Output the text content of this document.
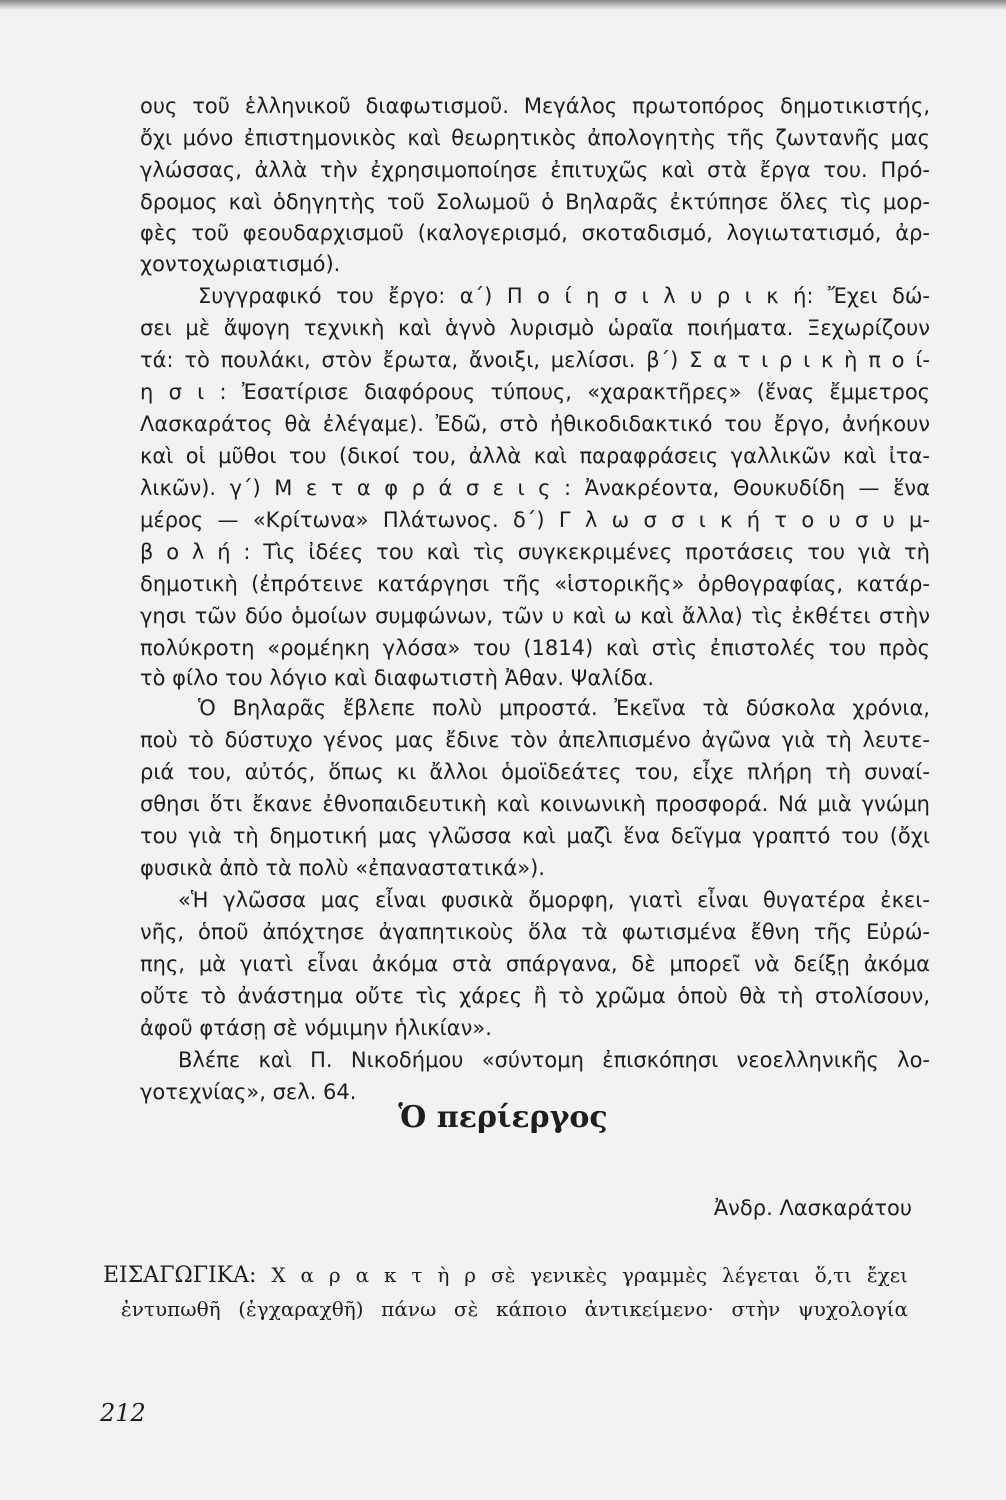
ους τοῦ ἑλληνικοῦ διαφωτισμοῦ. Μεγάλος πρωτοπόρος δημοτικιστής,
ὄχι μόνο ἐπιστημονικὸς καὶ θεωρητικὸς ἀπολογητὴς τῆς ζωντανῆς μας
γλώσσας, ἀλλὰ τὴν ἐχρησιμοποίησε ἐπιτυχῶς καὶ στὰ ἔργα του. Πρό-
δρομος καὶ ὁδηγητὴς τοῦ Σολωμοῦ ὁ Βηλαρᾶς ἐκτύπησε ὅλες τὶς μορ-
φὲς τοῦ φεουδαρχισμοῦ (καλογερισμό, σκοταδισμό, λογιωτατισμό, ἀρ-
χοντοχωριατισμό).
Συγγραφικό του ἔργο: α΄) Π ο ί η σ ι λ υ ρ ι κ ή: Ἔχει δώ-
σει μὲ ἄψογη τεχνικὴ καὶ ἁγνὸ λυρισμὸ ὡραῖα ποιήματα. Ξεχωρίζουν
τά: τὸ πουλάκι, στὸν ἔρωτα, ἄνοιξι, μελίσσι. β΄) Σ α τ ι ρ ι κ ὴ π ο ί-
η σ ι : Ἐσατίρισε διαφόρους τύπους, «χαρακτῆρες» (ἕνας ἔμμετρος
Λασκαράτος θὰ ἐλέγαμε). Ἐδῶ, στὸ ἠθικοδιδακτικό του ἔργο, ἀνήκουν
καὶ οἱ μῦθοι του (δικοί του, ἀλλὰ καὶ παραφράσεις γαλλικῶν καὶ ἰτα-
λικῶν). γ΄) Μ ε τ α φ ρ ά σ ε ι ς : Ἀνακρέοντα, Θουκυδίδη — ἕνα
μέρος — «Κρίτωνα» Πλάτωνος. δ΄) Γ λ ω σ σ ι κ ή τ ο υ σ υ μ-
β ο λ ή : Τὶς ἰδέες του καὶ τὶς συγκεκριμένες προτάσεις του γιὰ τὴ
δημοτικὴ (ἐπρότεινε κατάργησι τῆς «ἱστορικῆς» ὀρθογραφίας, κατάρ-
γησι τῶν δύο ὁμοίων συμφώνων, τῶν υ καὶ ω καὶ ἄλλα) τὶς ἐκθέτει στὴν
πολύκροτη «ρομέηκη γλόσα» του (1814) καὶ στὶς ἐπιστολές του πρὸς
τὸ φίλο του λόγιο καὶ διαφωτιστὴ Ἀθαν. Ψαλίδα.
Ὁ Βηλαρᾶς ἔβλεπε πολὺ μπροστά. Ἐκεῖνα τὰ δύσκολα χρόνια,
ποὺ τὸ δύστυχο γένος μας ἔδινε τὸν ἀπελπισμένο ἀγῶνα γιὰ τὴ λευτε-
ριά του, αὐτός, ὅπως κι ἄλλοι ὁμοϊδεάτες του, εἶχε πλήρη τὴ συναί-
σθησι ὅτι ἔκανε ἐθνοπαιδευτικὴ καὶ κοινωνικὴ προσφορά. Νά μιὰ γνώμη
του γιὰ τὴ δημοτική μας γλῶσσα καὶ μαζὶ ἕνα δεῖγμα γραπτό του (ὄχι
φυσικὰ ἀπὸ τὰ πολὺ «ἐπαναστατικά»).
«Ἡ γλῶσσα μας εἶναι φυσικὰ ὄμορφη, γιατὶ εἶναι θυγατέρα ἐκει-
νῆς, ὁποῦ ἀπόχτησε ἀγαπητικοὺς ὅλα τὰ φωτισμένα ἔθνη τῆς Εὐρώ-
πης, μὰ γιατὶ εἶναι ἀκόμα στὰ σπάργανα, δὲ μπορεῖ νὰ δείξῃ ἀκόμα
οὔτε τὸ ἀνάστημα οὔτε τὶς χάρες ἢ τὸ χρῶμα ὁποὺ θὰ τὴ στολίσουν,
ἀφοῦ φτάσῃ σὲ νόμιμην ἡλικίαν».
Βλέπε καὶ Π. Νικοδήμου «σύντομη ἐπισκόπησι νεοελληνικῆς λο-
γοτεχνίας», σελ. 64.
Ὁ περίεργος
Ἀνδρ. Λασκαράτου
ΕΙΣΑΓΩΓΙΚΑ: Χ α ρ α κ τ ὴ ρ σὲ γενικὲς γραμμὲς λέγεται ὅ,τι ἔχει
ἐντυπωθῆ (ἐγχαραχθῆ) πάνω σὲ κάποιο ἀντικείμενο· στὴν ψυχολογία
212
